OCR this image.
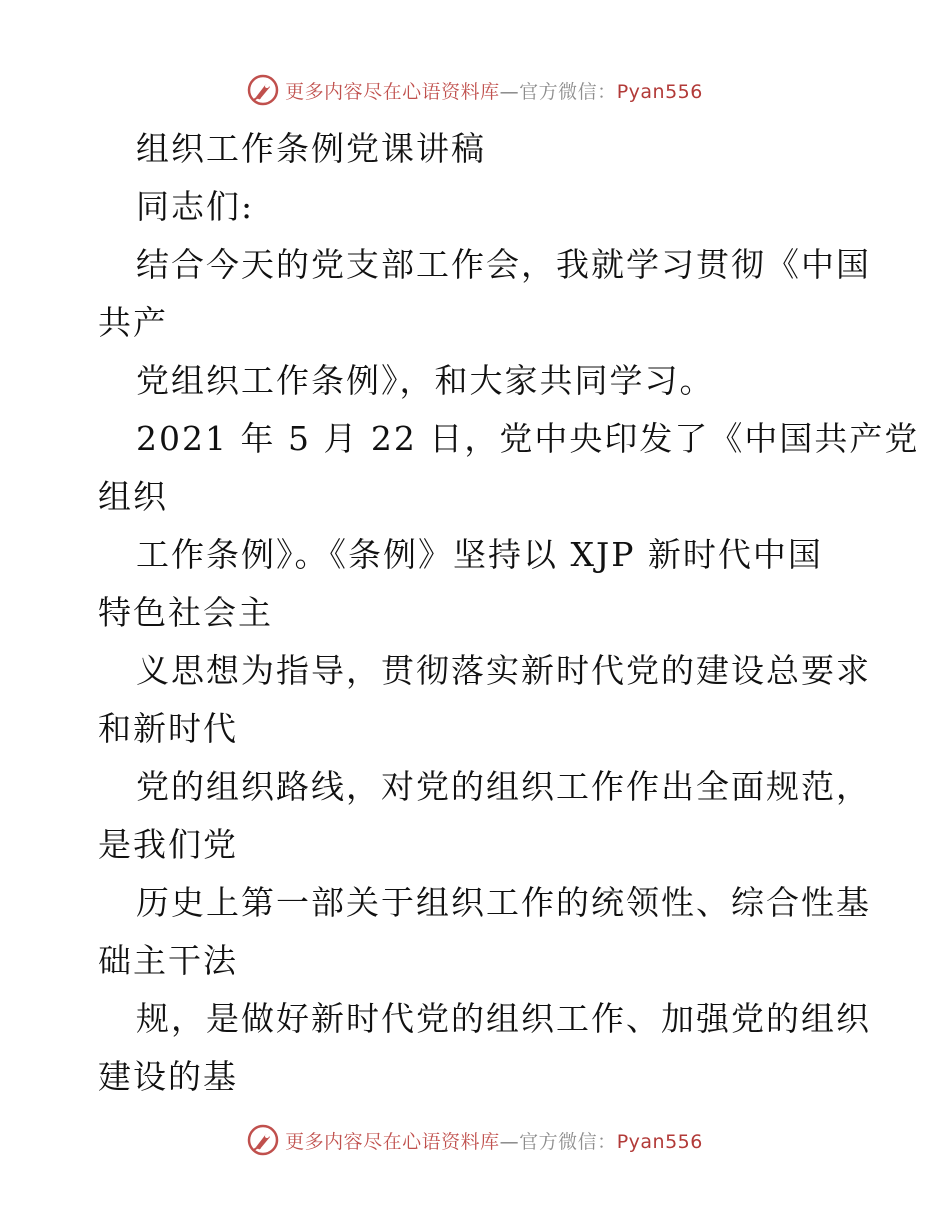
更多内容尽在心语资料库—官方微信：Pyan556
组织工作条例党课讲稿
同志们:
结合今天的党支部工作会，我就学习贯彻《中国
共产
党组织工作条例》，和大家共同学习。
2021 年 5 月 22 日，党中央印发了《中国共产党
组织
工作条例》。《条例》坚持以 XJP 新时代中国
特色社会主
义思想为指导，贯彻落实新时代党的建设总要求
和新时代
党的组织路线，对党的组织工作作出全面规范，
是我们党
历史上第一部关于组织工作的统领性、综合性基
础主干法
规，是做好新时代党的组织工作、加强党的组织
建设的基
更多内容尽在心语资料库—官方微信：Pyan556
